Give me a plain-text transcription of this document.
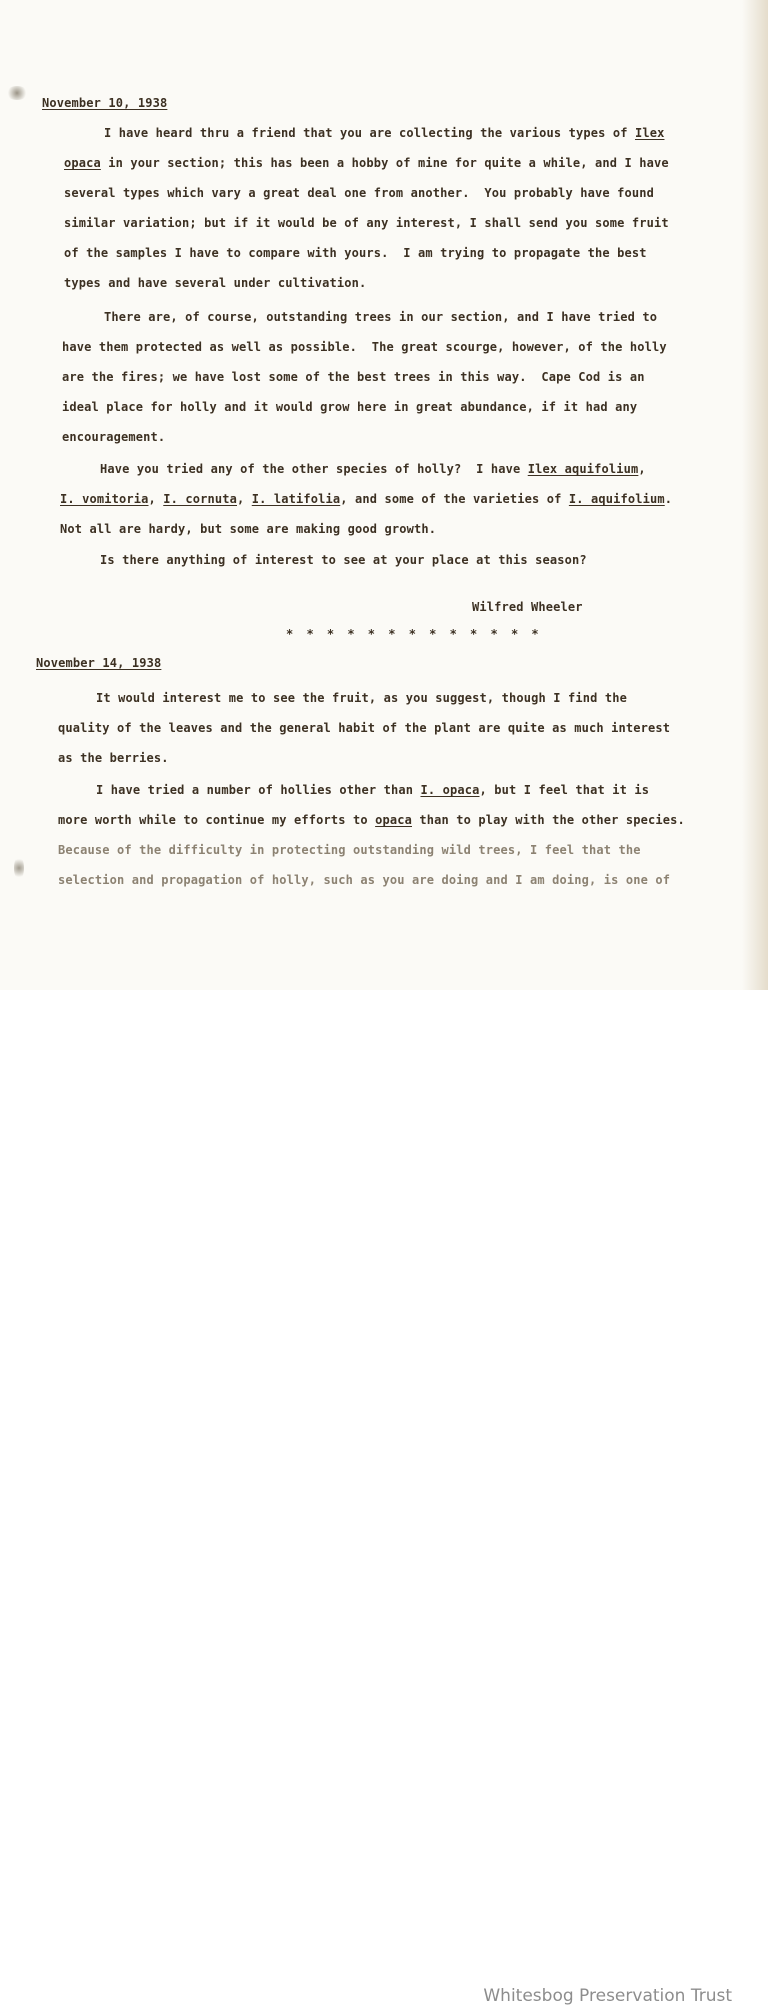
November 10, 1938
I have heard thru a friend that you are collecting the various types of Ilex
opaca in your section; this has been a hobby of mine for quite a while, and I have
several types which vary a great deal one from another.  You probably have found
similar variation; but if it would be of any interest, I shall send you some fruit
of the samples I have to compare with yours.  I am trying to propagate the best
types and have several under cultivation.
There are, of course, outstanding trees in our section, and I have tried to
have them protected as well as possible.  The great scourge, however, of the holly
are the fires; we have lost some of the best trees in this way.  Cape Cod is an
ideal place for holly and it would grow here in great abundance, if it had any
encouragement.
Have you tried any of the other species of holly?  I have Ilex aquifolium,
I. vomitoria, I. cornuta, I. latifolia, and some of the varieties of I. aquifolium.
Not all are hardy, but some are making good growth.
Is there anything of interest to see at your place at this season?
Wilfred Wheeler
* * * * * * * * * * * * *
November 14, 1938
It would interest me to see the fruit, as you suggest, though I find the
quality of the leaves and the general habit of the plant are quite as much interest
as the berries.
I have tried a number of hollies other than I. opaca, but I feel that it is
more worth while to continue my efforts to opaca than to play with the other species.
Because of the difficulty in protecting outstanding wild trees, I feel that the
selection and propagation of holly, such as you are doing and I am doing, is one of
Whitesbog Preservation Trust
